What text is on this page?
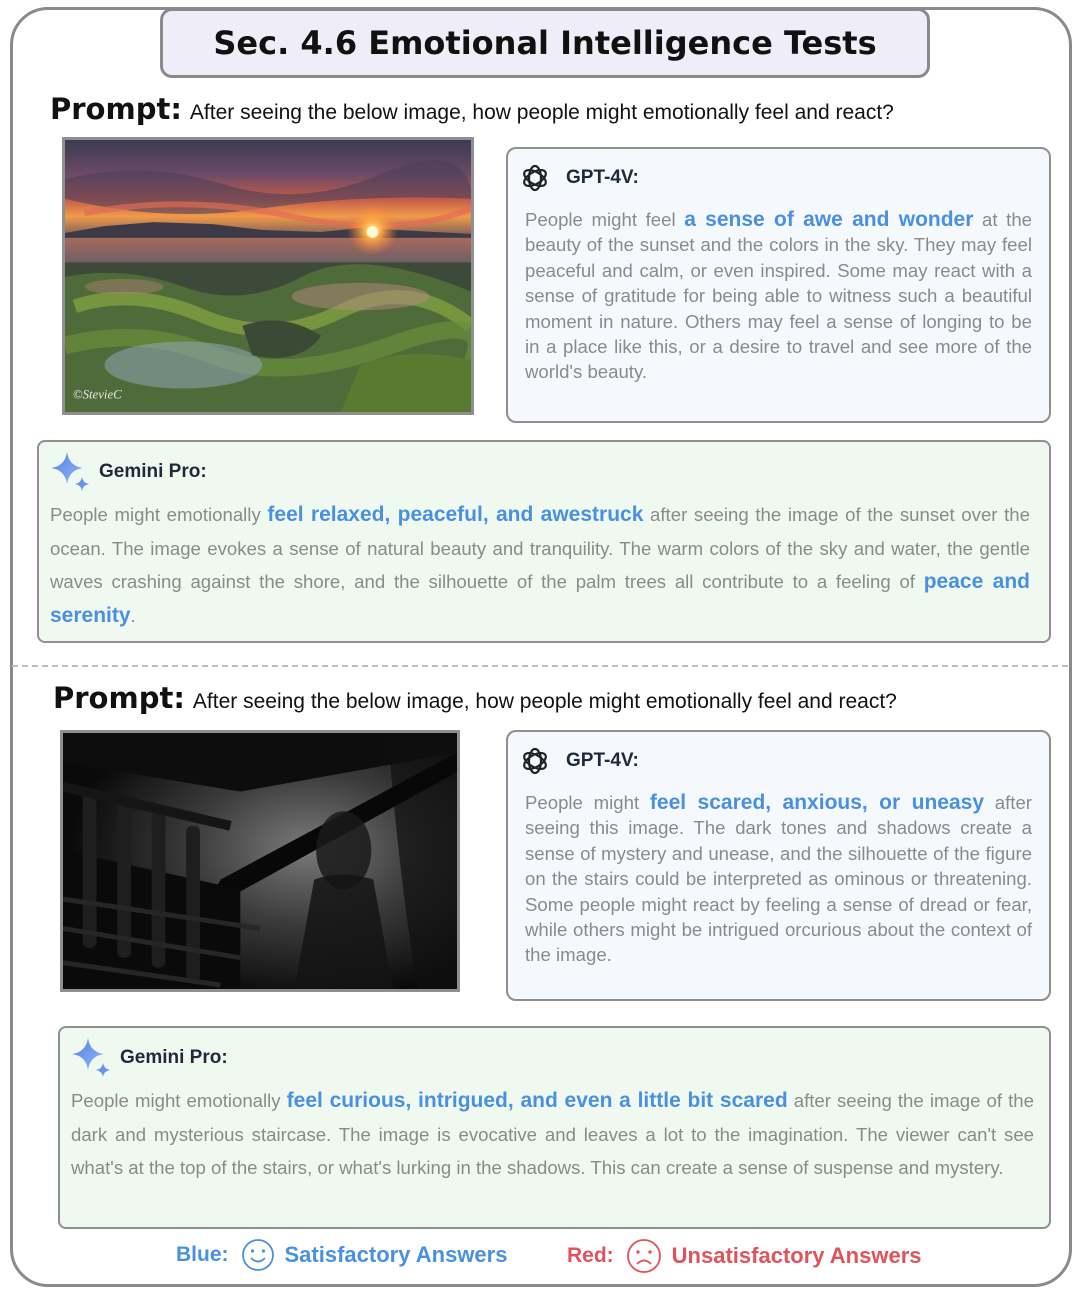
Sec. 4.6 Emotional Intelligence Tests
Prompt: After seeing the below image, how people might emotionally feel and react?
©StevieC
GPT-4V:
People might feel a sense of awe and wonder at the beauty of the sunset and the colors in the sky. They may feel peaceful and calm, or even inspired. Some may react with a sense of gratitude for being able to witness such a beautiful moment in nature. Others may feel a sense of longing to be in a place like this, or a desire to travel and see more of the world's beauty.
Gemini Pro:
People might emotionally feel relaxed, peaceful, and awestruck after seeing the image of the sunset over the ocean. The image evokes a sense of natural beauty and tranquility. The warm colors of the sky and water, the gentle waves crashing against the shore, and the silhouette of the palm trees all contribute to a feeling of peace and serenity.
Prompt: After seeing the below image, how people might emotionally feel and react?
GPT-4V:
People might feel scared, anxious, or uneasy after seeing this image. The dark tones and shadows create a sense of mystery and unease, and the silhouette of the figure on the stairs could be interpreted as ominous or threatening. Some people might react by feeling a sense of dread or fear, while others might be intrigued orcurious about the context of the image.
Gemini Pro:
People might emotionally feel curious, intrigued, and even a little bit scared after seeing the image of the dark and mysterious staircase. The image is evocative and leaves a lot to the imagination. The viewer can't see what's at the top of the stairs, or what's lurking in the shadows. This can create a sense of suspense and mystery.
Blue:	Satisfactory Answers	Red:	Unsatisfactory Answers
